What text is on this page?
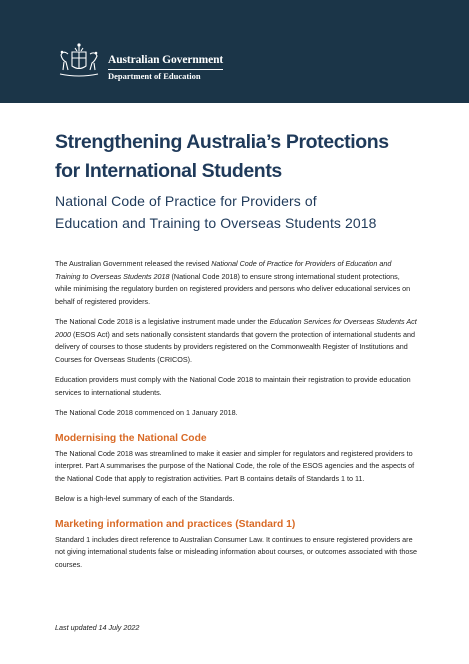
Australian Government
Department of Education
Strengthening Australia’s Protections
for International Students
National Code of Practice for Providers of
Education and Training to Overseas Students 2018

The Australian Government released the revised National Code of Practice for Providers of Education and Training to Overseas Students 2018 (National Code 2018) to ensure strong international student protections, while minimising the regulatory burden on registered providers and persons who deliver educational services on behalf of registered providers.

The National Code 2018 is a legislative instrument made under the Education Services for Overseas Students Act 2000 (ESOS Act) and sets nationally consistent standards that govern the protection of international students and delivery of courses to those students by providers registered on the Commonwealth Register of Institutions and Courses for Overseas Students (CRICOS).

Education providers must comply with the National Code 2018 to maintain their registration to provide education services to international students.

The National Code 2018 commenced on 1 January 2018.

Modernising the National Code

The National Code 2018 was streamlined to make it easier and simpler for regulators and registered providers to interpret. Part A summarises the purpose of the National Code, the role of the ESOS agencies and the aspects of the National Code that apply to registration activities. Part B contains details of Standards 1 to 11.

Below is a high-level summary of each of the Standards.

Marketing information and practices (Standard 1)

Standard 1 includes direct reference to Australian Consumer Law. It continues to ensure registered providers are not giving international students false or misleading information about courses, or outcomes associated with those courses.

Last updated 14 July 2022
